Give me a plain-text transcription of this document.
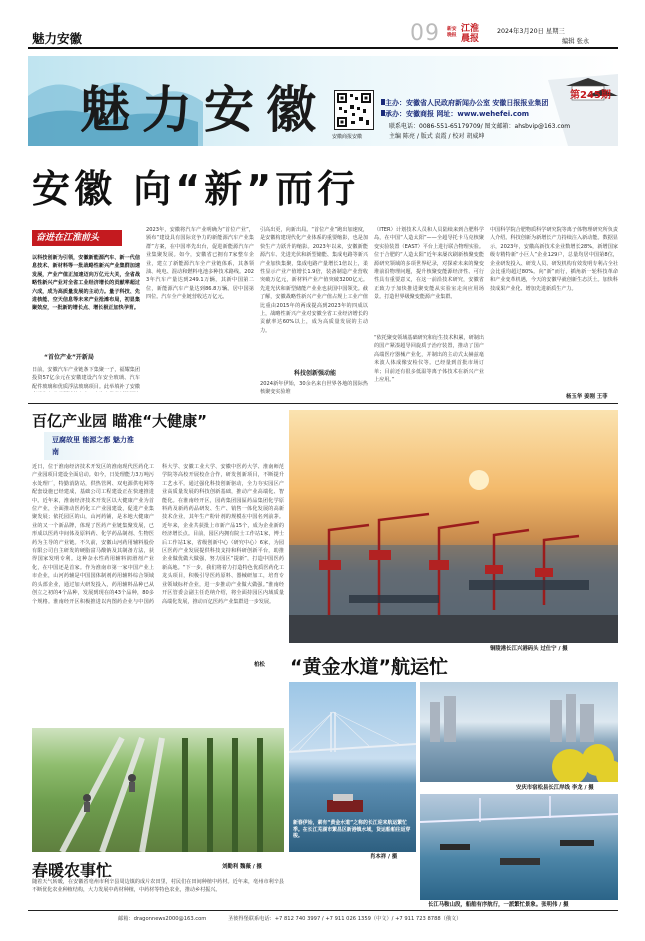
魅力安徽	09 新安晚报
江淮晨报
2024年3月20日 星期三
编辑 张永
魅力安徽 安徽商报安徽
第245期
主办：安徽省人民政府新闻办公室 安徽日报报业集团
承办：安徽商报 网址：www.wehefei.com
联系电话：0086-551-65179709/ 图文邮箱：ahsbvip@163.com
主编 陈亮 / 版式 袁霞 / 校对 胡威坤
安徽 向“新”而行
奋进在江淮前头
以科技创新为引领，安徽新能源汽车、新一代信息技术、新材料等一批战略性新兴产业集群加速发展，产业产值正加速迈向万亿元大关，全省战略性新兴产业对全省工业经济增长的贡献率超过六成，成为高质量发展的主动力。量子科技、先进核能、空天信息等未来产业抢滩布局，初显集聚效应，一批新的增长点、增长极正加快孕育。
“首位产业”开新局
日前，安徽汽车产业链条下集聚一子，福耀集团投资57亿余元在安徽建设汽车安全玻璃、汽车配件玻璃和优质浮法玻璃项目。此举填补了安徽
2023年，安徽将汽车产业明确为“首位产业”，颁布“建设具有国际竞争力的新能源汽车产业集群”方案，在中国率先出台，促进新能源汽车产业集聚发展。如今，安徽省已拥有7家整车企业，建立了新能源汽车全产业链体系，其条领油、纯电、混动和燃料电池多种技术路线。2023年汽车产量达到249.1万辆，其新中国第二位，新能源汽车产量达到86.8万辆。居中国第四位。汽车全产业链营收达万亿元。
引高出更，向新出局。“首位产业”跑出加速度，是安徽构建现代化产业体系的重要缩影，也是加快生产力跃升的缩影。2023年以来，安徽新能源汽车、先进光伏和新型储能、集成电路等新兴产业加快集聚，集成电路产量增长1倍以上，柔性显示产业产值增长1.9倍，装备制造产业营收突破万亿元，新材料产业产值突破3200亿元。先进光伏和新型储能产业业也获国中国领先。截了解，安徽战略性新兴产业产值占规上工业产值比重由2015年的两成提高到2023年的四成以上，战略性新兴产业对安徽全省工业经济增长的贡献率达60%以上，成为高质量发展的主动力。
科技创新强动能
2024新年伊始，30余名来自世界各地的国际热核聚变实验堆
（ITER）计划技术人员和人员陆续来到合肥科学岛，在中国“人造太阳”——全超导托卡马克核聚变实验装置（EAST）平台上进行联合物理实验。位于合肥的“人造太阳”近年来屡次刷新核聚变能源研究领域的多项世界纪录，对探索未来的聚变堆前沿物理问题，提升核聚变能源经济性、可行性具有重要意义，在这一前沿技术研究，安徽省正致力于加快推进聚变能从实验室走向应用场景。打造世界级聚变能源产业集群。
“依托聚变领域基础研究和衍生技术积累，研制出的国产紧凑超导回旋质子治疗装置，推动了国产高端医疗器械产业化，并制出的主动式太赫兹毫米波人体成像安检仪等。已经量到首批市场订单；目前还有很多低温等离子体技术在新兴产业上应用。”
中国科学院合肥物质科学研究院等离子体物理研究所负责人介绍。科技创新为新增长产力持续注入新动能。数据显示，2023年，安徽高新技术企业数增长28%，新增国家级专精特新“小巨人”企业129户，总量均居中国第8位，企业研发投入、研发人员、研发机构有效发明专利占全社会比重均超过80%。向“新”而行，插角新一轮科技革命和产业变革机遇，今天的安徽早就创新生态沃土。加快科技成果产业化、增加先进新质生产力。
杨玉华 姜刚 王菲
百亿产业园 瞄准“大健康”
豆腐故里 能源之都 魅力淮南
近日，位于淮南经济技术开发区的淮南现代医药化工产业园项目建设全面启动。如今，日处理能力3万吨污水处理厂，特勤消防站，供热管网、双电源供电网等配套设施已经建成，基础公司工程建设正在快速推进中。近年来，淮南经济技术开发区以大健康产业为首位产业，全面推动医药化工产业园建设，促进产业集聚发展；依托园区的山，山河药铺，是本地大健康产业的又一个新品牌，体现了医药产业链集聚发展，已形成以医药中间体及原料药、化学药品制剂、生物医药为主导的产业链。不久前，安徽山河药用辅料股份有限公司自主研发的硬脂富马酸钠及其制备方法，获得国家发明专利。这种杂水性药用辅料润滑剂产业化，在中国还是首家。作为淮南市第一家中国产业上市企业，山河药辅是中国国体制剂药用辅料综合领域的头部企业，通过加大研发投入，药用辅料品种已从创立之初的4个品种，发展到现在的43个品种，80多个规格。淮南经开区积极推进以内图药企业与中国药科大学、安徽工业大学、安徽中医药大学、淮南师范学院等高校开展校企合作，研发创新项目，不断提升工艺水平。通过强化科技创新驱动，全力夯实园区产业高质量发展的科技创新基础，推动产业高端化、智能化。在淮南经开区，园药集团园區药品集团化学原料药及新药药品研发、生产、销售一体化发展的高新技术企业，其年生产粉针剂的规模在中国名列前茅。近年来，企业共获批上市新产品15个，成为企业新的经济增长点。目前，园区内拥有院士工作站1家，博士后工作站1家，省级创新中心（研究中心）6家，为园区医药产业发展提供科技支持和科研创新平台，助推企业做优做大做强，努力园区“提新”，打造中国医药新高地。“下一步，我们将着力打造特色优质医药化工龙头项目，积极引导医药原料、器械研加工，培育专业领域标杆企业，进一步推动产业做大做强。”淮南经开区管委会副主任范纳介绍，将全面持园区内域质量高端化发展，推动百亿医药产业集群进一步发展。
柏松
铜陵港长江兴港码头 过仕宁 / 摄
“黄金水道”航运忙
新春伊始，素有“黄金水道”之称的长江迎来航运繁忙季。在长江芜湖市繁昌区新港镇水域，货运船舶往返穿梭。
肖本祥 / 摄
安庆市宿松县长江岸线 李龙 / 摄
长江马鞍山段，船舶有序航行，一派繁忙景象。张明伟 / 摄
春暖农事忙	刘勤利 魏薇 / 摄
随着天气转暖，在安徽省亳州市利辛县周边镇的成片农田里，村民们在田间种植中药材。近年来，亳州市利辛县不断优化农业种植结构，大力发展中药材种植，中药材等特色农业，推动乡村振兴。
邮箱：dragonnews2000@163.com	圣彼得堡联系电话：+7 812 740 3997 / +7 911 026 1359（中文）/ +7 911 723 8788（俄文）
